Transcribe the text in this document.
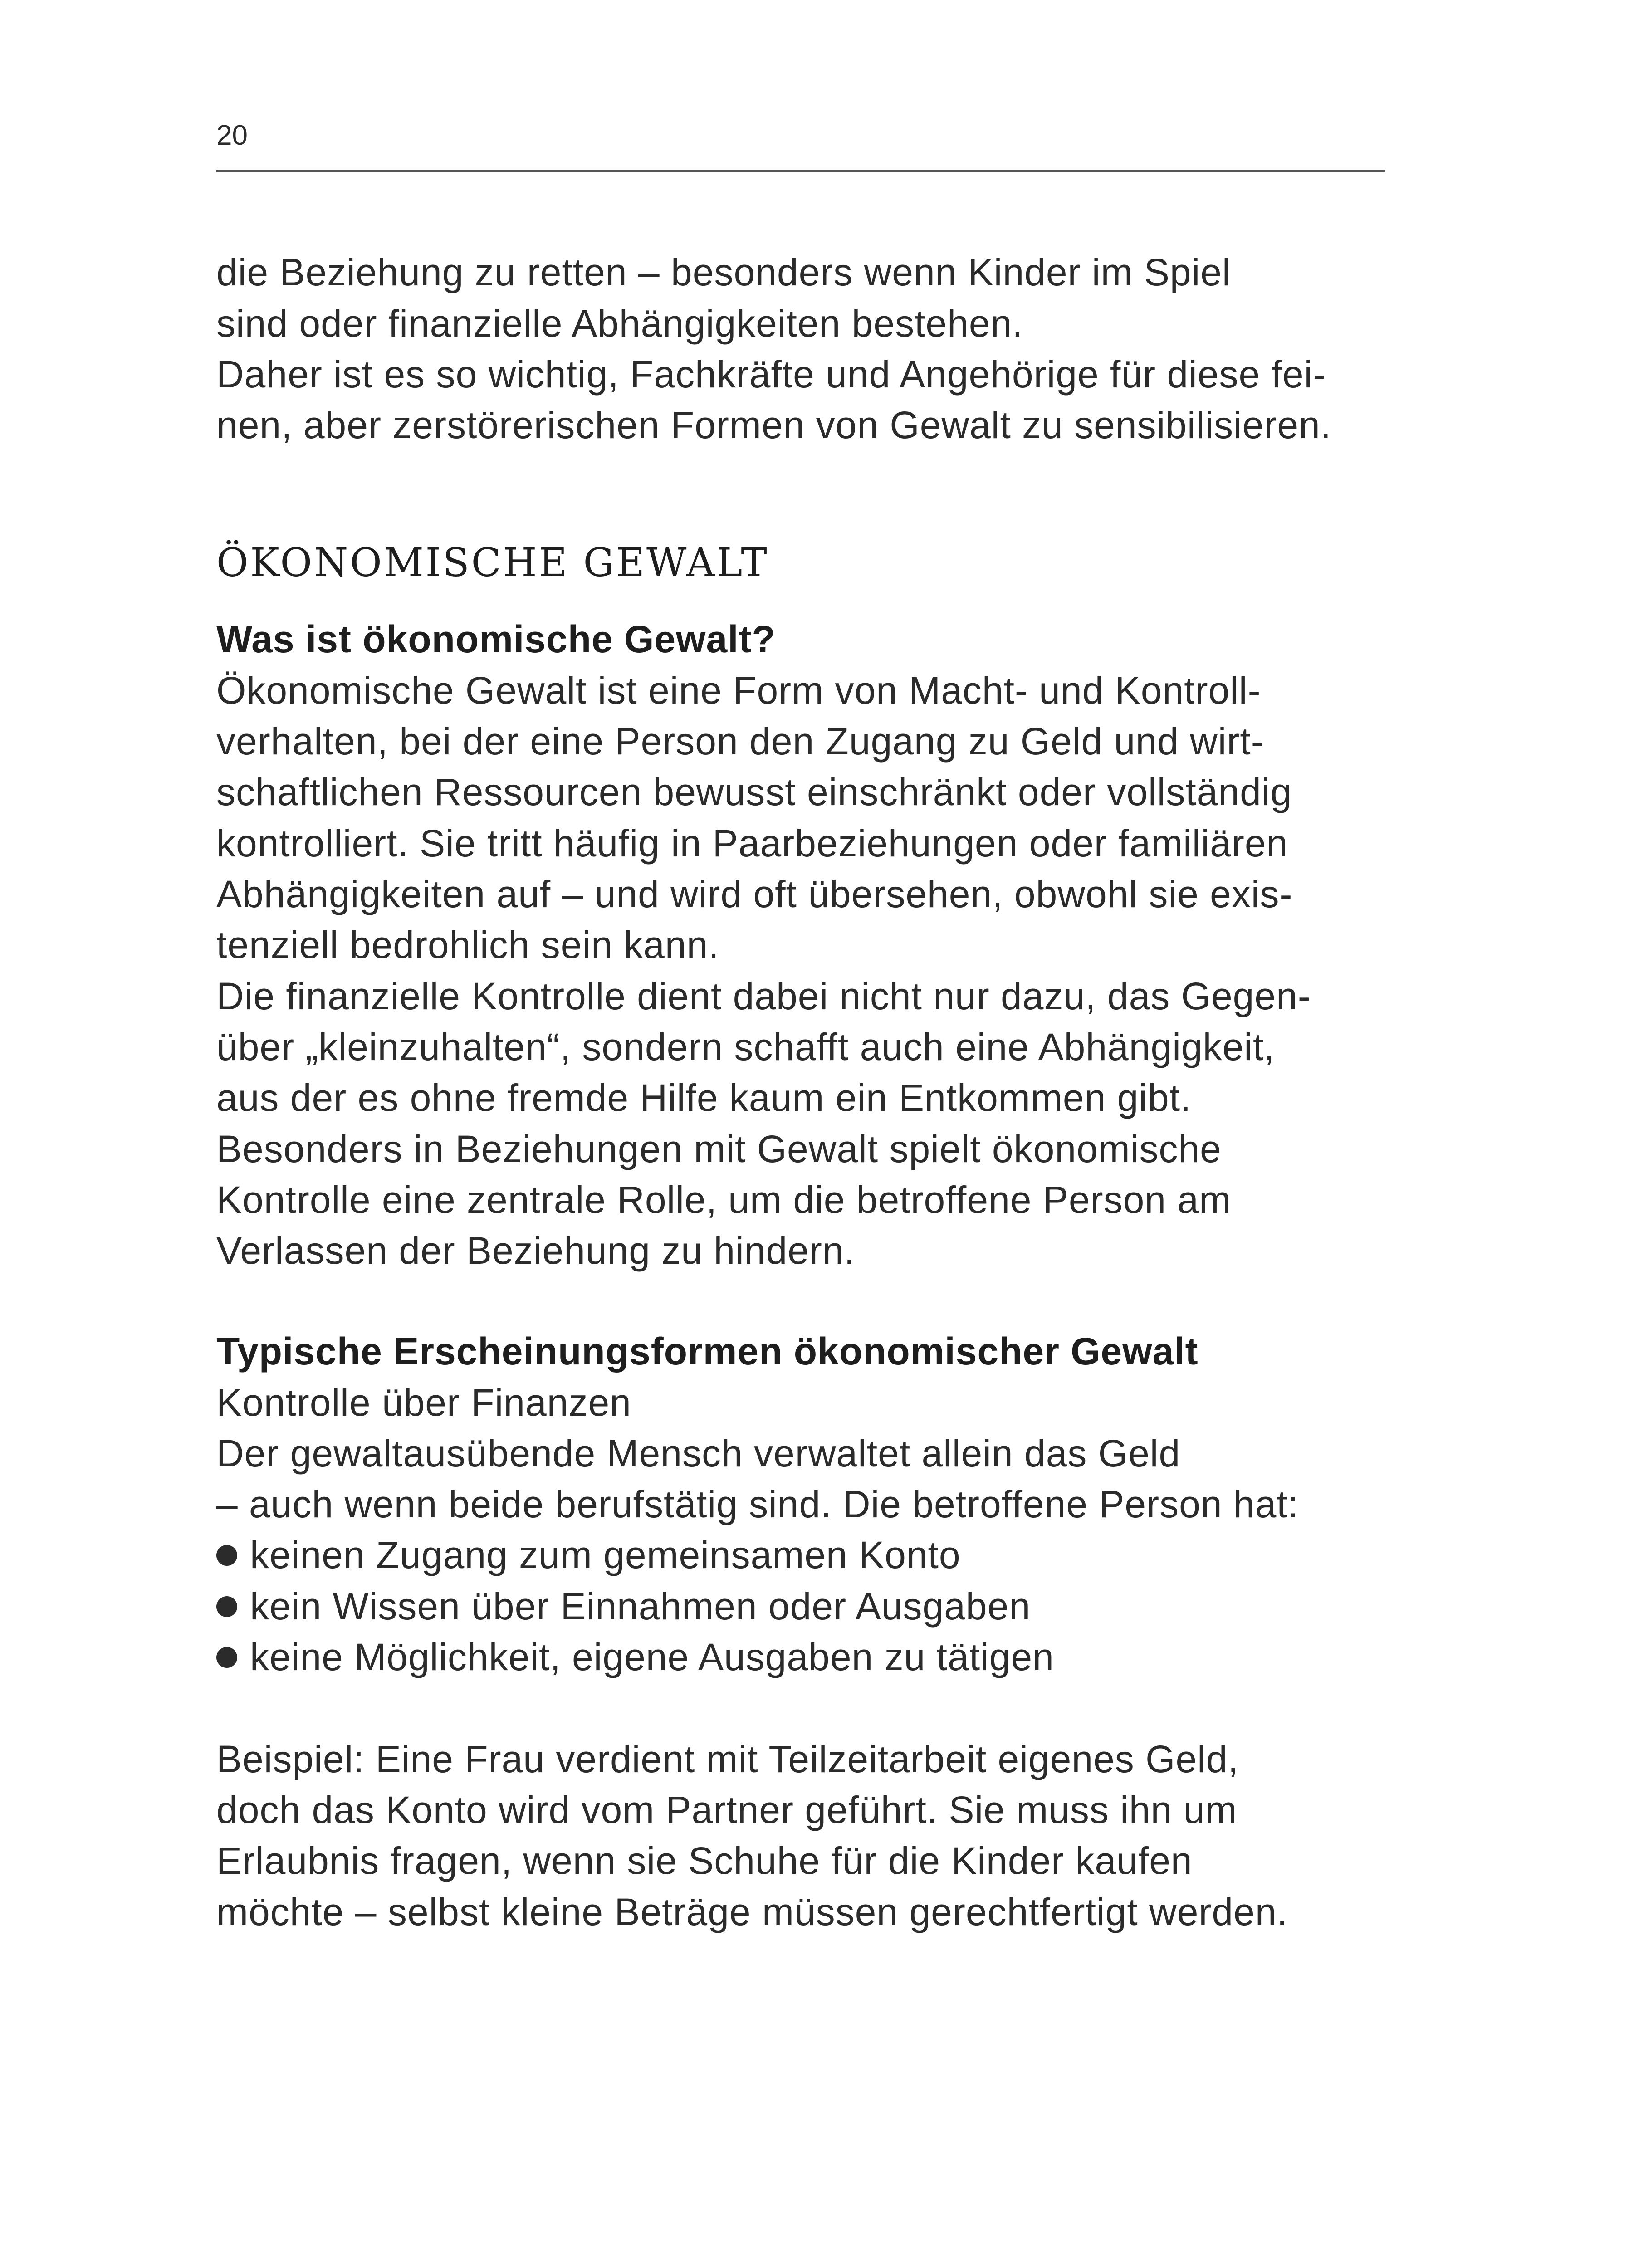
20
die Beziehung zu retten – besonders wenn Kinder im Spiel
sind oder finanzielle Abhängigkeiten bestehen.
Daher ist es so wichtig, Fachkräfte und Angehörige für diese fei-
nen, aber zerstörerischen Formen von Gewalt zu sensibilisieren.
ÖKONOMISCHE GEWALT
Was ist ökonomische Gewalt?
Ökonomische Gewalt ist eine Form von Macht- und Kontroll-
verhalten, bei der eine Person den Zugang zu Geld und wirt-
schaftlichen Ressourcen bewusst einschränkt oder vollständig
kontrolliert. Sie tritt häufig in Paarbeziehungen oder familiären
Abhängigkeiten auf – und wird oft übersehen, obwohl sie exis-
tenziell bedrohlich sein kann.
Die finanzielle Kontrolle dient dabei nicht nur dazu, das Gegen-
über „kleinzuhalten“, sondern schafft auch eine Abhängigkeit,
aus der es ohne fremde Hilfe kaum ein Entkommen gibt.
Besonders in Beziehungen mit Gewalt spielt ökonomische
Kontrolle eine zentrale Rolle, um die betroffene Person am
Verlassen der Beziehung zu hindern.
Typische Erscheinungsformen ökonomischer Gewalt
Kontrolle über Finanzen
Der gewaltausübende Mensch verwaltet allein das Geld
– auch wenn beide berufstätig sind. Die betroffene Person hat:
keinen Zugang zum gemeinsamen Konto
kein Wissen über Einnahmen oder Ausgaben
keine Möglichkeit, eigene Ausgaben zu tätigen
Beispiel: Eine Frau verdient mit Teilzeitarbeit eigenes Geld,
doch das Konto wird vom Partner geführt. Sie muss ihn um
Erlaubnis fragen, wenn sie Schuhe für die Kinder kaufen
möchte – selbst kleine Beträge müssen gerechtfertigt werden.
